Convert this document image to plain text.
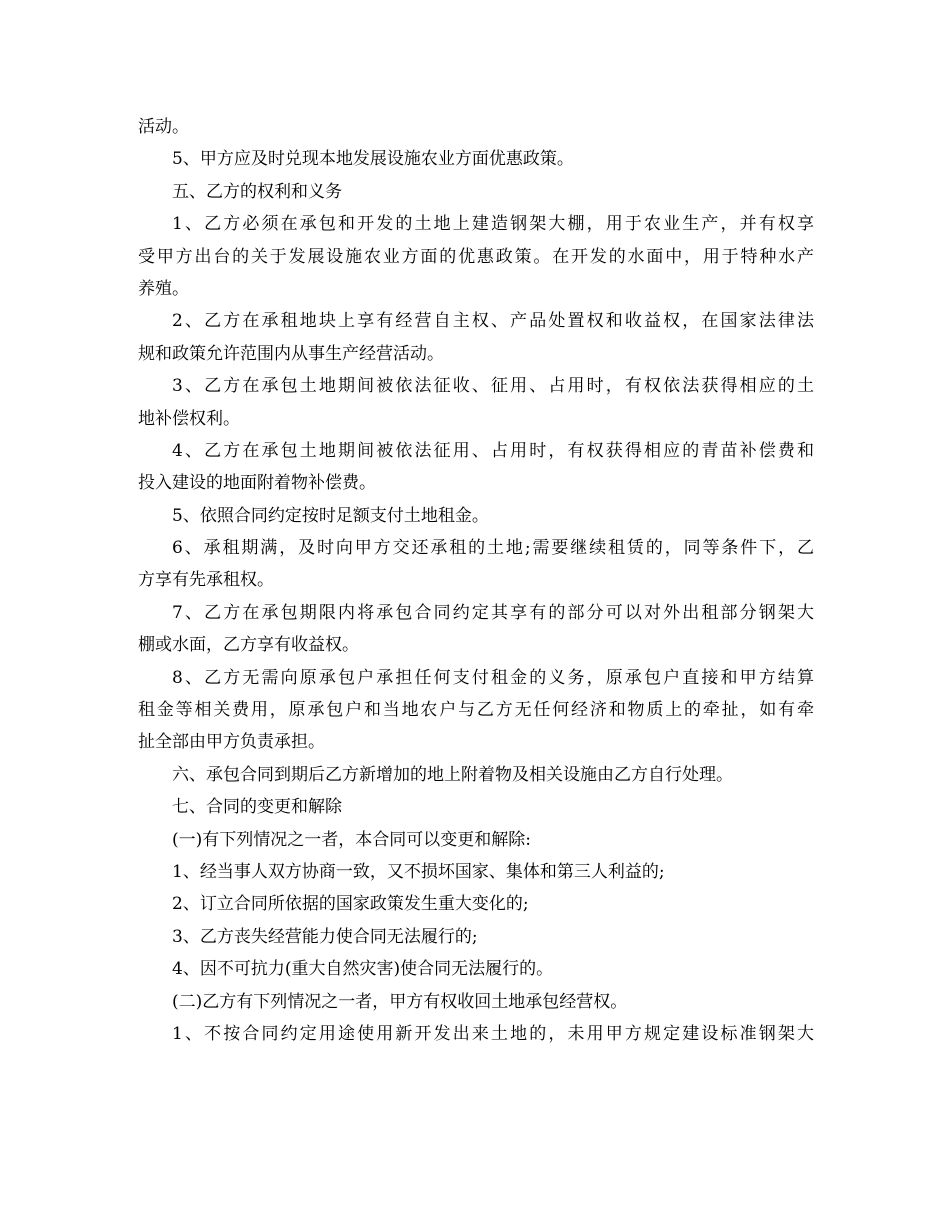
活动。
5、甲方应及时兑现本地发展设施农业方面优惠政策。
五、乙方的权利和义务
1、乙方必须在承包和开发的土地上建造钢架大棚，用于农业生产，并有权享
受甲方出台的关于发展设施农业方面的优惠政策。在开发的水面中，用于特种水产
养殖。
2、乙方在承租地块上享有经营自主权、产品处置权和收益权，在国家法律法
规和政策允许范围内从事生产经营活动。
3、乙方在承包土地期间被依法征收、征用、占用时，有权依法获得相应的土
地补偿权利。
4、乙方在承包土地期间被依法征用、占用时，有权获得相应的青苗补偿费和
投入建设的地面附着物补偿费。
5、依照合同约定按时足额支付土地租金。
6、承租期满，及时向甲方交还承租的土地;需要继续租赁的，同等条件下，乙
方享有先承租权。
7、乙方在承包期限内将承包合同约定其享有的部分可以对外出租部分钢架大
棚或水面，乙方享有收益权。
8、乙方无需向原承包户承担任何支付租金的义务，原承包户直接和甲方结算
租金等相关费用，原承包户和当地农户与乙方无任何经济和物质上的牵扯，如有牵
扯全部由甲方负责承担。
六、承包合同到期后乙方新增加的地上附着物及相关设施由乙方自行处理。
七、合同的变更和解除
(一)有下列情况之一者，本合同可以变更和解除:
1、经当事人双方协商一致，又不损坏国家、集体和第三人利益的;
2、订立合同所依据的国家政策发生重大变化的;
3、乙方丧失经营能力使合同无法履行的;
4、因不可抗力(重大自然灾害)使合同无法履行的。
(二)乙方有下列情况之一者，甲方有权收回土地承包经营权。
1、不按合同约定用途使用新开发出来土地的，未用甲方规定建设标准钢架大
